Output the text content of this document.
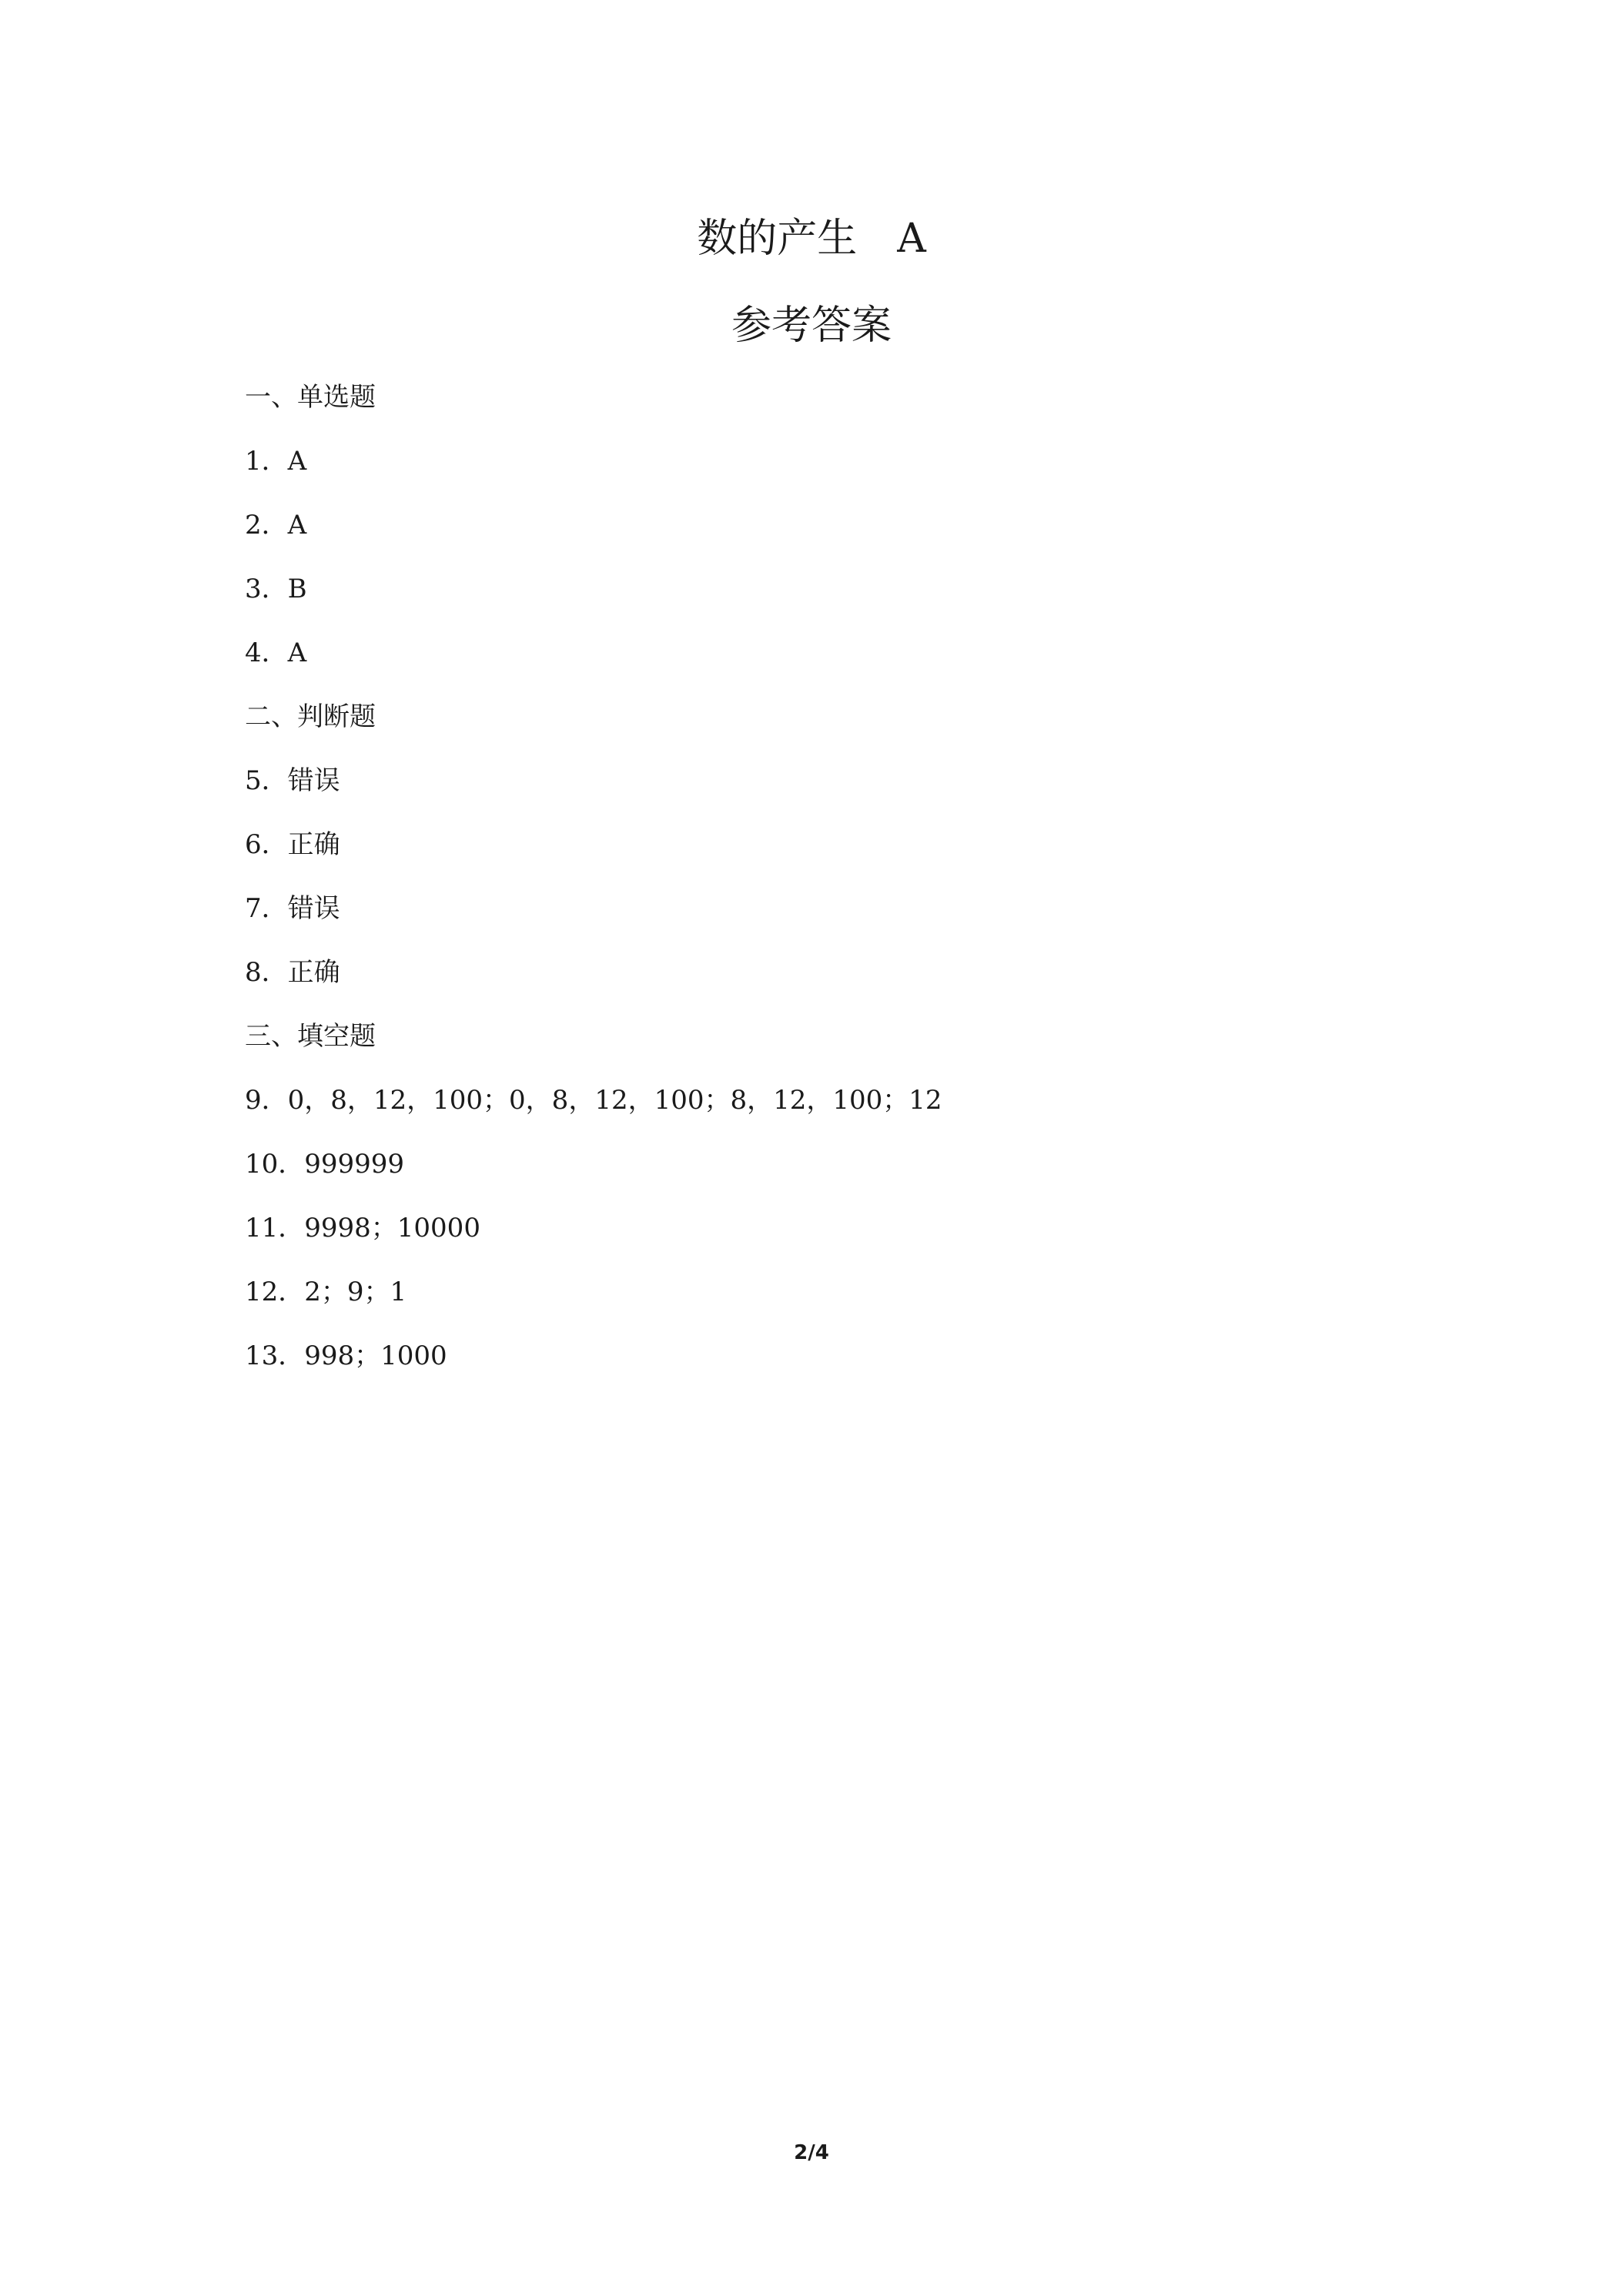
数的产生　A
参考答案
一、单选题
1．A
2．A
3．B
4．A
二、判断题
5．错误
6．正确
7．错误
8．正确
三、填空题
9．0，8，12，100；0，8，12，100；8，12，100；12
10．999999
11．9998；10000
12．2；9；1
13．998；1000
2/4
